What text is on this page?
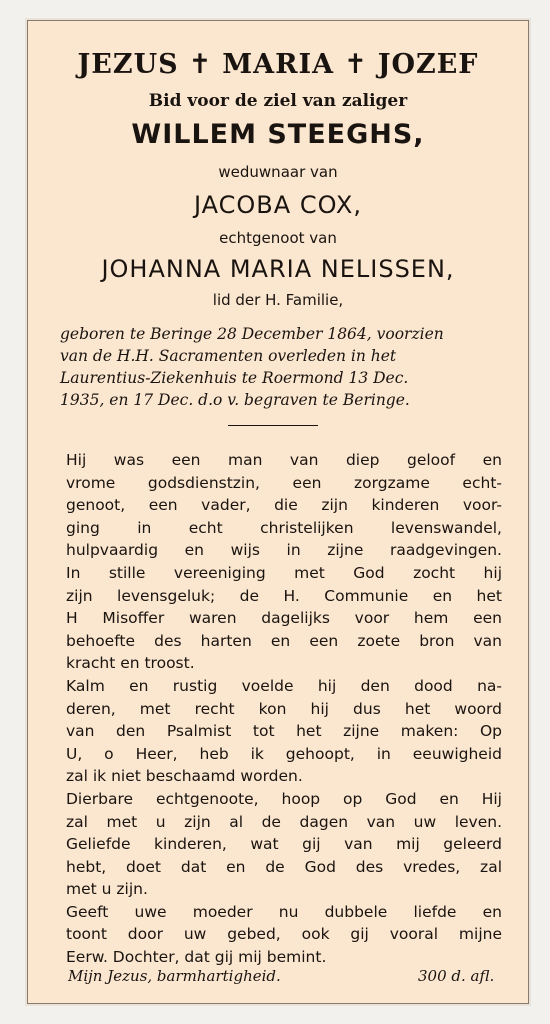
JEZUS ✝ MARIA ✝ JOZEF
Bid voor de ziel van zaliger
WILLEM STEEGHS,
weduwnaar van
JACOBA COX,
echtgenoot van
JOHANNA MARIA NELISSEN,
lid der H. Familie,
geboren te Beringe 28 December 1864, voorzien
van de H.H. Sacramenten overleden in het
Laurentius-Ziekenhuis te Roermond 13 Dec.
1935, en 17 Dec. d.o v. begraven te Beringe.
Hij was een man van diep geloof en
vrome godsdienstzin, een zorgzame echt-
genoot, een vader, die zijn kinderen voor-
ging in echt christelijken levenswandel,
hulpvaardig en wijs in zijne raadgevingen.
In stille vereeniging met God zocht hij
zijn levensgeluk; de H. Communie en het
H Misoffer waren dagelijks voor hem een
behoefte des harten en een zoete bron van
kracht en troost.
Kalm en rustig voelde hij den dood na-
deren, met recht kon hij dus het woord
van den Psalmist tot het zijne maken: Op
U, o Heer, heb ik gehoopt, in eeuwigheid
zal ik niet beschaamd worden.
Dierbare echtgenoote, hoop op God en Hij
zal met u zijn al de dagen van uw leven.
Geliefde kinderen, wat gij van mij geleerd
hebt, doet dat en de God des vredes, zal
met u zijn.
Geeft uwe moeder nu dubbele liefde en
toont door uw gebed, ook gij vooral mijne
Eerw. Dochter, dat gij mij bemint.
Mijn Jezus, barmhartigheid.	300 d. afl.
